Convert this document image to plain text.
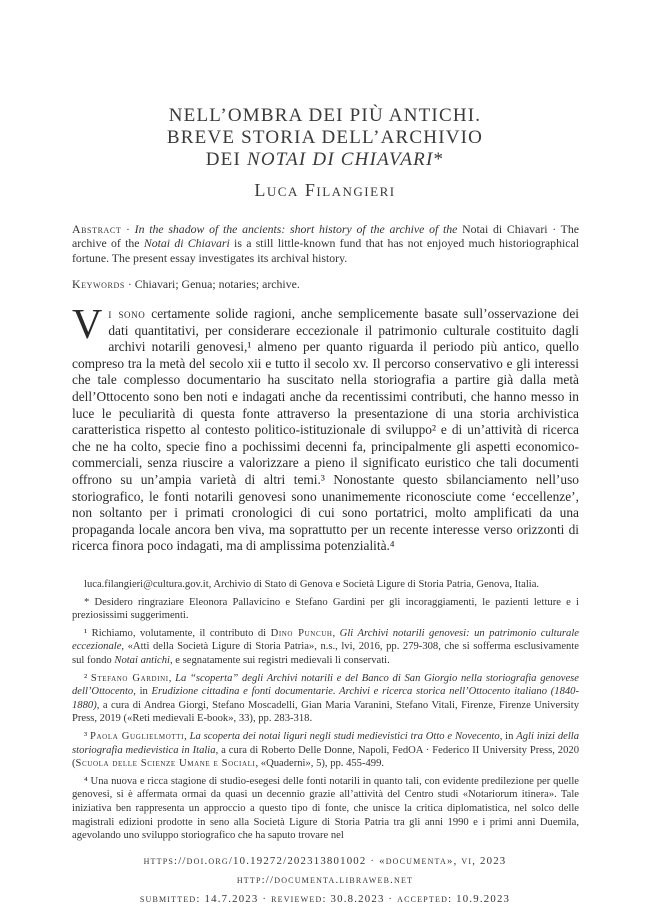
NELL’OMBRA DEI PIÙ ANTICHI.
BREVE STORIA DELL’ARCHIVIO
DEI NOTAI DI CHIAVARI*
Luca Filangieri

Abstract · In the shadow of the ancients: short history of the archive of the Notai di Chiavari · The archive of the Notai di Chiavari is a still little-known fund that has not enjoyed much historiographical fortune. The present essay investigates its archival history.

Keywords · Chiavari; Genua; notaries; archive.

Vi sono certamente solide ragioni, anche semplicemente basate sull’osservazione dei dati quantitativi, per considerare eccezionale il patrimonio culturale costituito dagli archivi notarili genovesi,¹ almeno per quanto riguarda il periodo più antico, quello compreso tra la metà del secolo xii e tutto il secolo xv. Il percorso conservativo e gli interessi che tale complesso documentario ha suscitato nella storiografia a partire già dalla metà dell’Ottocento sono ben noti e indagati anche da recentissimi contributi, che hanno messo in luce le peculiarità di questa fonte attraverso la presentazione di una storia archivistica caratteristica rispetto al contesto politico-istituzionale di sviluppo² e di un’attività di ricerca che ne ha colto, specie fino a pochissimi decenni fa, principalmente gli aspetti economico-commerciali, senza riuscire a valorizzare a pieno il significato euristico che tali documenti offrono su un’ampia varietà di altri temi.³ Nonostante questo sbilanciamento nell’uso storiografico, le fonti notarili genovesi sono unanimemente riconosciute come ‘eccellenze’, non soltanto per i primati cronologici di cui sono portatrici, molto amplificati da una propaganda locale ancora ben viva, ma soprattutto per un recente interesse verso orizzonti di ricerca finora poco indagati, ma di amplissima potenzialità.⁴

luca.filangieri@cultura.gov.it, Archivio di Stato di Genova e Società Ligure di Storia Patria, Genova, Italia.

* Desidero ringraziare Eleonora Pallavicino e Stefano Gardini per gli incoraggiamenti, le pazienti letture e i preziosissimi suggerimenti.

¹ Richiamo, volutamente, il contributo di Dino Puncuh, Gli Archivi notarili genovesi: un patrimonio culturale eccezionale, «Atti della Società Ligure di Storia Patria», n.s., lvi, 2016, pp. 279-308, che si sofferma esclusivamente sul fondo Notai antichi, e segnatamente sui registri medievali lì conservati.

² Stefano Gardini, La “scoperta” degli Archivi notarili e del Banco di San Giorgio nella storiografia genovese dell’Ottocento, in Erudizione cittadina e fonti documentarie. Archivi e ricerca storica nell’Ottocento italiano (1840-1880), a cura di Andrea Giorgi, Stefano Moscadelli, Gian Maria Varanini, Stefano Vitali, Firenze, Firenze University Press, 2019 («Reti medievali E-book», 33), pp. 283-318.

³ Paola Guglielmotti, La scoperta dei notai liguri negli studi medievistici tra Otto e Novecento, in Agli inizi della storiografia medievistica in Italia, a cura di Roberto Delle Donne, Napoli, FedOA · Federico II University Press, 2020 (Scuola delle Scienze Umane e Sociali, «Quaderni», 5), pp. 455-499.

⁴ Una nuova e ricca stagione di studio-esegesi delle fonti notarili in quanto tali, con evidente predilezione per quelle genovesi, si è affermata ormai da quasi un decennio grazie all’attività del Centro studi «Notariorum itinera». Tale iniziativa ben rappresenta un approccio a questo tipo di fonte, che unisce la critica diplomatistica, nel solco delle magistrali edizioni prodotte in seno alla Società Ligure di Storia Patria tra gli anni 1990 e i primi anni Duemila, agevolando uno sviluppo storiografico che ha saputo trovare nel

https://doi.org/10.19272/202313801002 · «documenta», vi, 2023
http://documenta.libraweb.net
submitted: 14.7.2023 · reviewed: 30.8.2023 · accepted: 10.9.2023
